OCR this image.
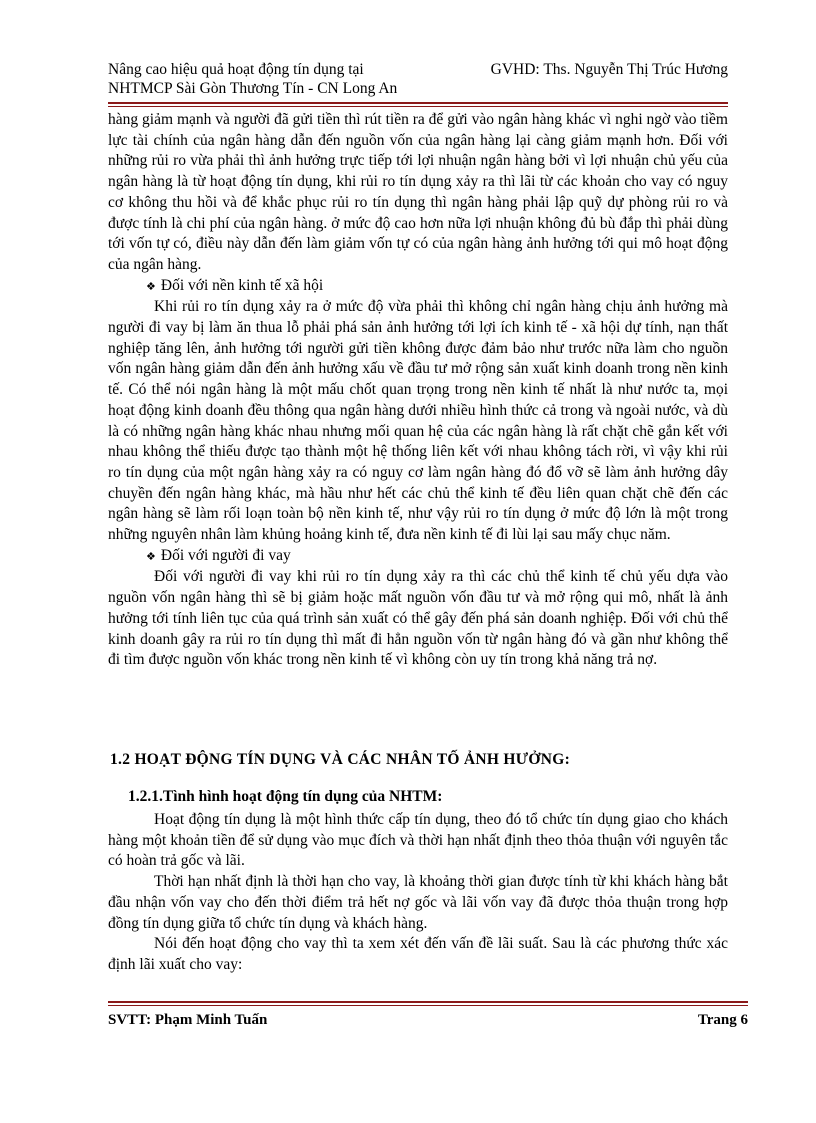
Nâng cao hiệu quả hoạt động tín dụng tại	GVHD: Ths. Nguyễn Thị Trúc Hương
NHTMCP Sài Gòn Thương Tín - CN Long An

hàng giảm mạnh và người đã gửi tiền thì rút tiền ra để gửi vào ngân hàng khác vì nghi ngờ vào tiềm lực tài chính của ngân hàng dẫn đến nguồn vốn của ngân hàng lại càng giảm mạnh hơn. Đối với những rủi ro vừa phải thì ảnh hưởng trực tiếp tới lợi nhuận ngân hàng bởi vì lợi nhuận chủ yếu của ngân hàng là từ hoạt động tín dụng, khi rủi ro tín dụng xảy ra thì lãi từ các khoản cho vay có nguy cơ không thu hồi và để khắc phục rủi ro tín dụng thì ngân hàng phải lập quỹ dự phòng rủi ro và được tính là chi phí của ngân hàng. ở mức độ cao hơn nữa lợi nhuận không đủ bù đắp thì phải dùng tới vốn tự có, điều này dẫn đến làm giảm vốn tự có của ngân hàng ảnh hưởng tới qui mô hoạt động của ngân hàng.

❖ Đối với nền kinh tế xã hội

Khi rủi ro tín dụng xảy ra ở mức độ vừa phải thì không chỉ ngân hàng chịu ảnh hưởng mà người đi vay bị làm ăn thua lỗ phải phá sản ảnh hưởng tới lợi ích kinh tế - xã hội dự tính, nạn thất nghiệp tăng lên, ảnh hưởng tới người gửi tiền không được đảm bảo như trước nữa làm cho nguồn vốn ngân hàng giảm dẫn đến ảnh hưởng xấu về đầu tư mở rộng sản xuất kinh doanh trong nền kinh tế. Có thể nói ngân hàng là một mấu chốt quan trọng trong nền kinh tế nhất là như nước ta, mọi hoạt động kinh doanh đều thông qua ngân hàng dưới nhiều hình thức cả trong và ngoài nước, và dù là có những ngân hàng khác nhau nhưng mối quan hệ của các ngân hàng là rất chặt chẽ gắn kết với nhau không thể thiếu được tạo thành một hệ thống liên kết với nhau không tách rời, vì vậy khi rủi ro tín dụng của một ngân hàng xảy ra có nguy cơ làm ngân hàng đó đổ vỡ sẽ làm ảnh hưởng dây chuyền đến ngân hàng khác, mà hầu như hết các chủ thể kinh tế đều liên quan chặt chẽ đến các ngân hàng sẽ làm rối loạn toàn bộ nền kinh tế, như vậy rủi ro tín dụng ở mức độ lớn là một trong những nguyên nhân làm khủng hoảng kinh tế, đưa nền kinh tế đi lùi lại sau mấy chục năm.

❖ Đối với người đi vay

Đối với người đi vay khi rủi ro tín dụng xảy ra thì các chủ thể kinh tế chủ yếu dựa vào nguồn vốn ngân hàng thì sẽ bị giảm hoặc mất nguồn vốn đầu tư và mở rộng qui mô, nhất là ảnh hưởng tới tính liên tục của quá trình sản xuất có thể gây đến phá sản doanh nghiệp. Đối với chủ thể kinh doanh gây ra rủi ro tín dụng thì mất đi hẳn nguồn vốn từ ngân hàng đó và gần như không thể đi tìm được nguồn vốn khác trong nền kinh tế vì không còn uy tín trong khả năng trả nợ.

1.2 HOẠT ĐỘNG TÍN DỤNG VÀ CÁC NHÂN TỐ ẢNH HƯỞNG:
1.2.1.Tình hình hoạt động tín dụng của NHTM:

Hoạt động tín dụng là một hình thức cấp tín dụng, theo đó tổ chức tín dụng giao cho khách hàng một khoản tiền để sử dụng vào mục đích và thời hạn nhất định theo thỏa thuận với nguyên tắc có hoàn trả gốc và lãi.

Thời hạn nhất định là thời hạn cho vay, là khoảng thời gian được tính từ khi khách hàng bắt đầu nhận vốn vay cho đến thời điểm trả hết nợ gốc và lãi vốn vay đã được thỏa thuận trong hợp đồng tín dụng giữa tổ chức tín dụng và khách hàng.

Nói đến hoạt động cho vay thì ta xem xét đến vấn đề lãi suất. Sau là các phương thức xác định lãi xuất cho vay:

SVTT: Phạm Minh Tuấn	Trang 6
